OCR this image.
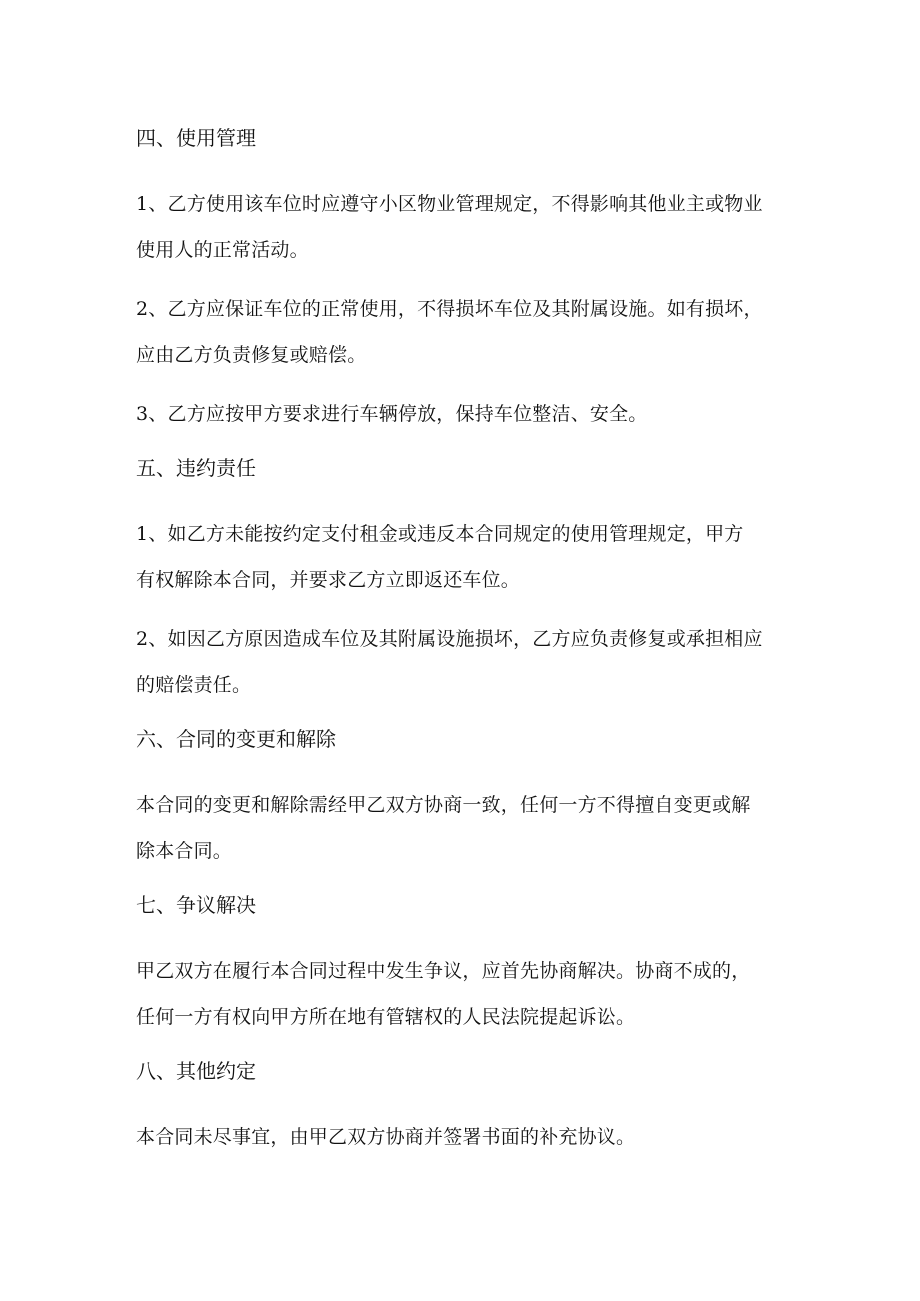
四、使用管理
1、乙方使用该车位时应遵守小区物业管理规定，不得影响其他业主或物业
使用人的正常活动。
2、乙方应保证车位的正常使用，不得损坏车位及其附属设施。如有损坏，
应由乙方负责修复或赔偿。
3、乙方应按甲方要求进行车辆停放，保持车位整洁、安全。
五、违约责任
1、如乙方未能按约定支付租金或违反本合同规定的使用管理规定，甲方
有权解除本合同，并要求乙方立即返还车位。
2、如因乙方原因造成车位及其附属设施损坏，乙方应负责修复或承担相应
的赔偿责任。
六、合同的变更和解除
本合同的变更和解除需经甲乙双方协商一致，任何一方不得擅自变更或解
除本合同。
七、争议解决
甲乙双方在履行本合同过程中发生争议，应首先协商解决。协商不成的，
任何一方有权向甲方所在地有管辖权的人民法院提起诉讼。
八、其他约定
本合同未尽事宜，由甲乙双方协商并签署书面的补充协议。
